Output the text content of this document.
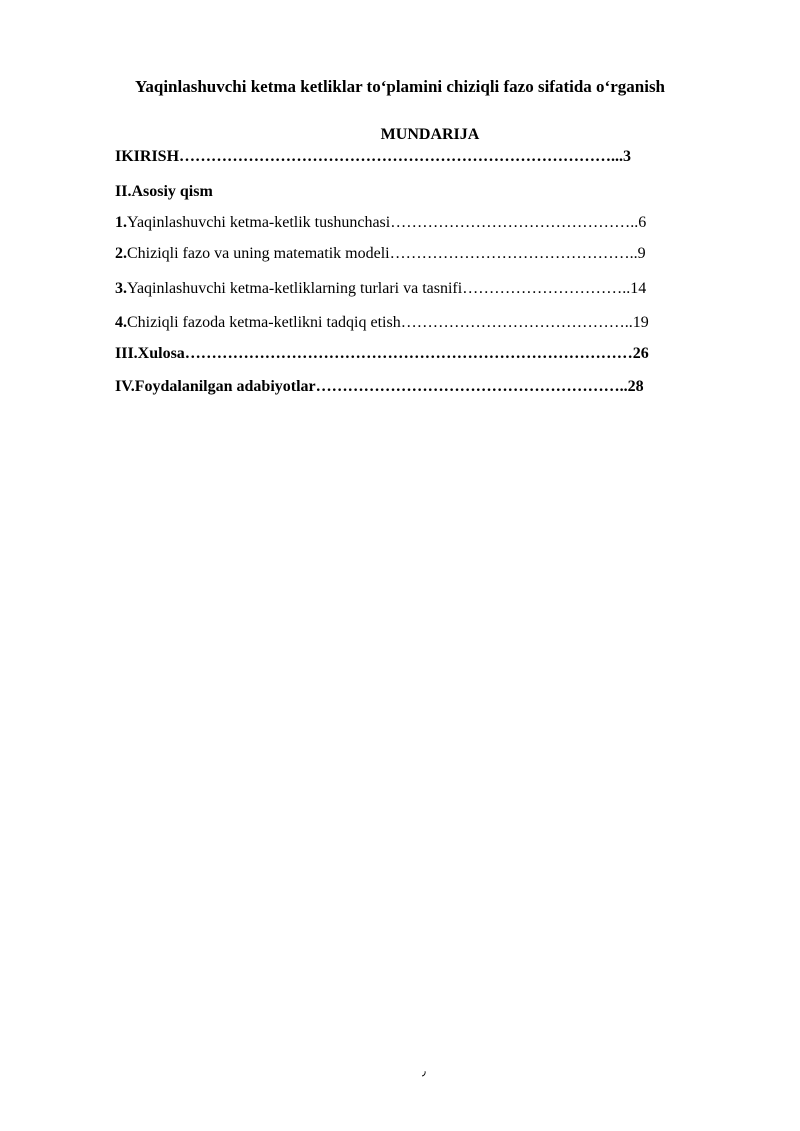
Yaqinlashuvchi ketma ketliklar to‘plamini chiziqli fazo sifatida o‘rganish
MUNDARIJA
IKIRISH………………………………………………………………………...3
II.Asosiy qism
1.Yaqinlashuvchi ketma-ketlik tushunchasi………………………………………..6
2.Chiziqli fazo va uning matematik modeli………………………………………..9
3.Yaqinlashuvchi ketma-ketliklarning turlari va tasnifi…………………………..14
4.Chiziqli fazoda ketma-ketlikni tadqiq etish……………………………………..19
III.Xulosa…………………………………………………………………………26
IV.Foydalanilgan adabiyotlar…………………………………………………..28
٫
